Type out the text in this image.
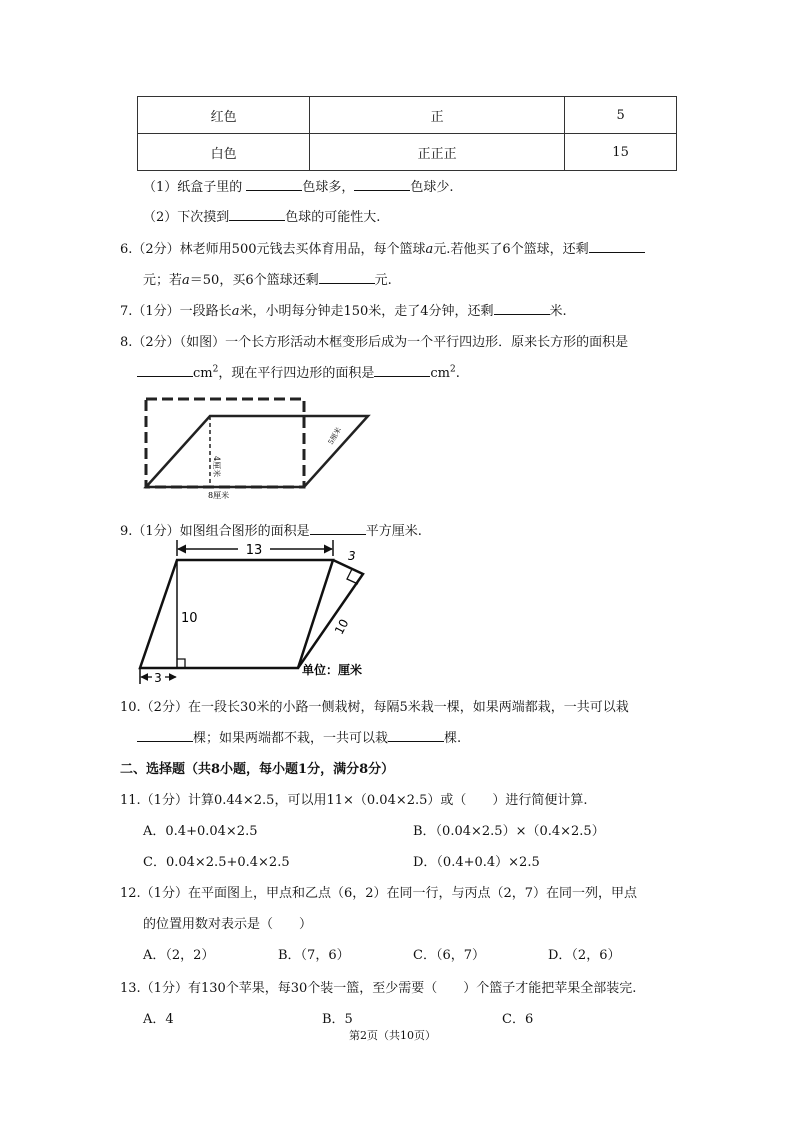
红色	正	5
白色	正正正	15
（1）纸盒子里的	色球多，	色球少.
（2）下次摸到	色球的可能性大.
6.（2分）林老师用500元钱去买体育用品，每个篮球a元.若他买了6个篮球，还剩
元；若a＝50，买6个篮球还剩	元.
7.（1分）一段路长a米，小明每分钟走150米，走了4分钟，还剩	米.
8.（2分）（如图）一个长方形活动木框变形后成为一个平行四边形．原来长方形的面积是
$cm^2$，现在平行四边形的面积是	$cm^2$.
4厘米
8厘米
5厘米
9.（1分）如图组合图形的面积是	平方厘米.
13	3
10
10
3
单位：厘米
10.（2分）在一段长30米的小路一侧栽树，每隔5米栽一棵，如果两端都栽，一共可以栽
棵；如果两端都不栽，一共可以栽	棵.
二、选择题（共8小题，每小题1分，满分8分）
11.（1分）计算0.44×2.5，可以用11×（0.04×2.5）或（　　）进行简便计算.
A．0.4+0.04×2.5	B．（0.04×2.5）×（0.4×2.5）
C．0.04×2.5+0.4×2.5	D．（0.4+0.4）×2.5
12.（1分）在平面图上，甲点和乙点（6，2）在同一行，与丙点（2，7）在同一列，甲点
的位置用数对表示是（　　）
A．（2，2）	B．（7，6）	C．（6，7）	D．（2，6）
13.（1分）有130个苹果，每30个装一篮，至少需要（　　）个篮子才能把苹果全部装完.
A．4	B．5	C．6
第2页（共10页）
